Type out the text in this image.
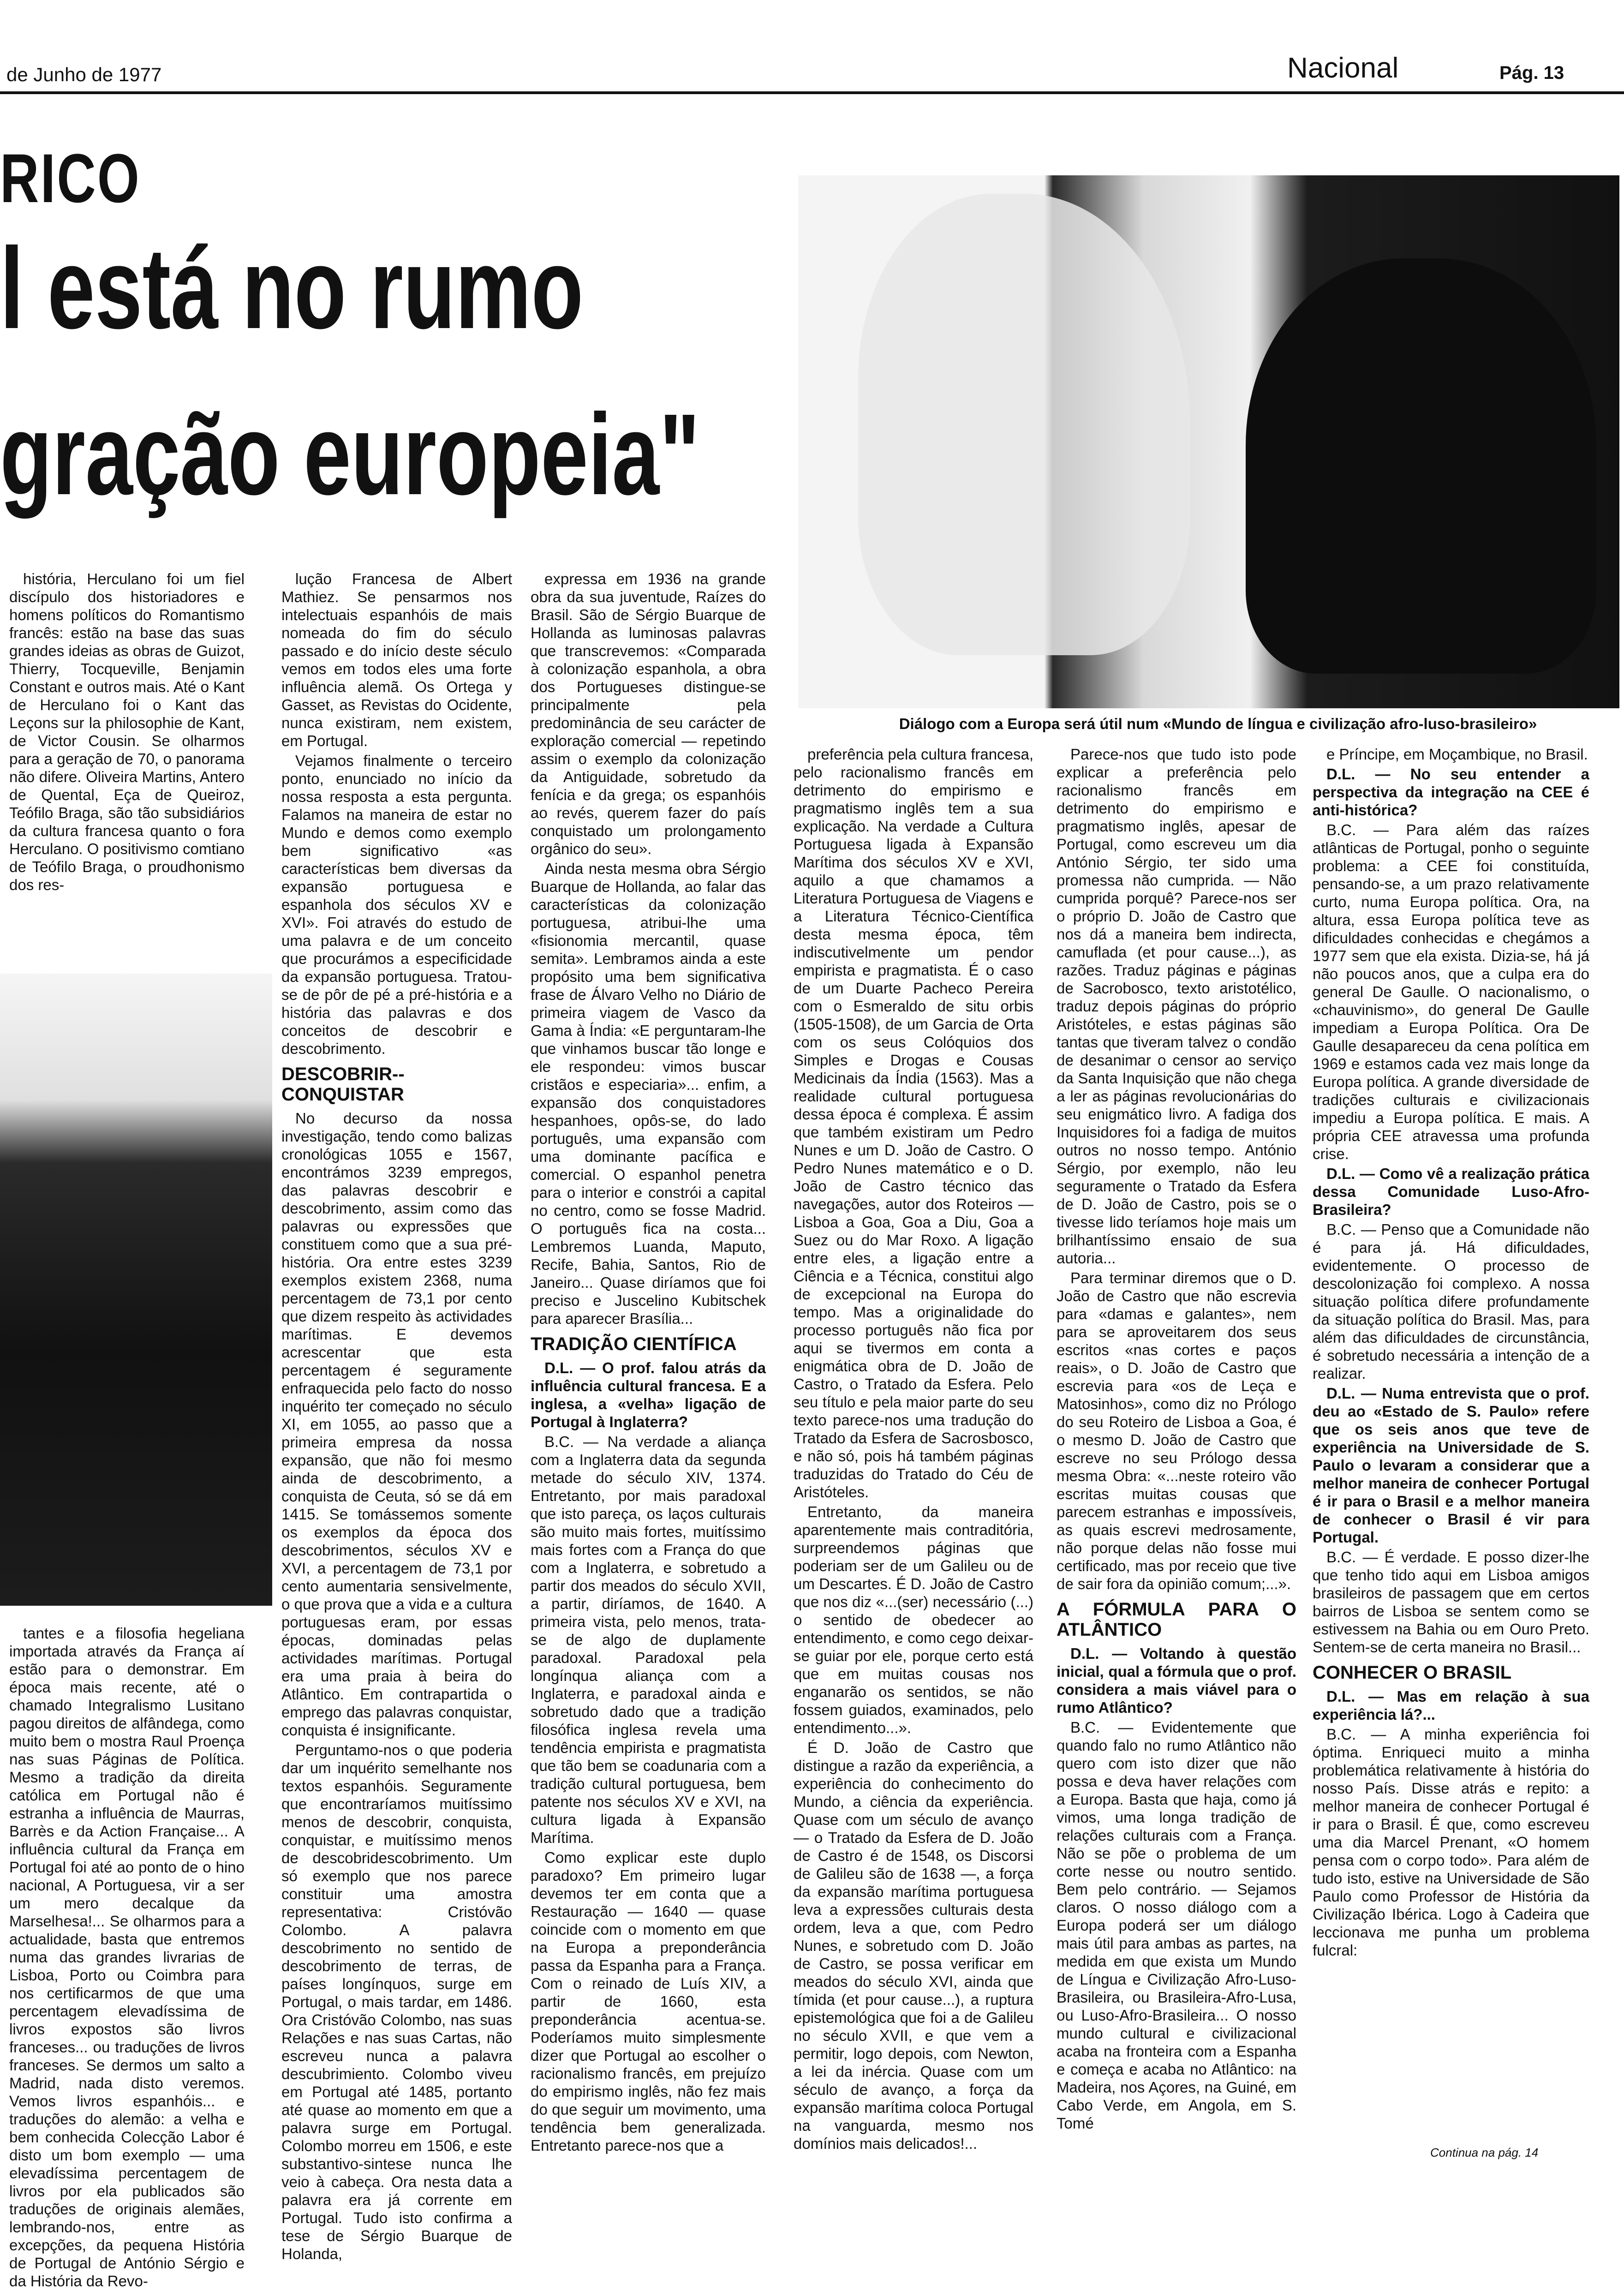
de Junho de 1977	Nacional	Pág. 13
RICO
l está no rumo
gração europeia"
Diálogo com a Europa será útil num «Mundo de língua e civilização afro-luso-brasileiro»

história, Herculano foi um fiel discípulo dos historiadores e homens políticos do Romantismo francês: estão na base das suas grandes ideias as obras de Guizot, Thierry, Tocqueville, Benjamin Constant e outros mais. Até o Kant de Herculano foi o Kant das Leçons sur la philosophie de Kant, de Victor Cousin. Se olharmos para a geração de 70, o panorama não difere. Oliveira Martins, Antero de Quental, Eça de Queiroz, Teófilo Braga, são tão subsidiários da cultura francesa quanto o fora Herculano. O positivismo comtiano de Teófilo Braga, o proudhonismo dos res-

tantes e a filosofia hegeliana importada através da França aí estão para o demonstrar. Em época mais recente, até o chamado Integralismo Lusitano pagou direitos de alfândega, como muito bem o mostra Raul Proença nas suas Páginas de Política. Mesmo a tradição da direita católica em Portugal não é estranha a influência de Maurras, Barrès e da Action Française... A influência cultural da França em Portugal foi até ao ponto de o hino nacional, A Portuguesa, vir a ser um mero decalque da Marselhesa!... Se olharmos para a actualidade, basta que entremos numa das grandes livrarias de Lisboa, Porto ou Coimbra para nos certificarmos de que uma percentagem elevadíssima de livros expostos são livros franceses... ou traduções de livros franceses. Se dermos um salto a Madrid, nada disto veremos. Vemos livros espanhóis... e traduções do alemão: a velha e bem conhecida Colecção Labor é disto um bom exemplo — uma elevadíssima percentagem de livros por ela publicados são traduções de originais alemães, lembrando-nos, entre as excepções, da pequena História de Portugal de António Sérgio e da História da Revo-

lução Francesa de Albert Mathiez. Se pensarmos nos intelectuais espanhóis de mais nomeada do fim do século passado e do início deste século vemos em todos eles uma forte influência alemã. Os Ortega y Gasset, as Revistas do Ocidente, nunca existiram, nem existem, em Portugal.

Vejamos finalmente o terceiro ponto, enunciado no início da nossa resposta a esta pergunta. Falamos na maneira de estar no Mundo e demos como exemplo bem significativo «as características bem diversas da expansão portuguesa e espanhola dos séculos XV e XVI». Foi através do estudo de uma palavra e de um conceito que procurámos a especificidade da expansão portuguesa. Tratou-se de pôr de pé a pré-história e a história das palavras e dos conceitos de descobrir e descobrimento.

DESCOBRIR--CONQUISTAR

No decurso da nossa investigação, tendo como balizas cronológicas 1055 e 1567, encontrámos 3239 empregos, das palavras descobrir e descobrimento, assim como das palavras ou expressões que constituem como que a sua pré-história. Ora entre estes 3239 exemplos existem 2368, numa percentagem de 73,1 por cento que dizem respeito às actividades marítimas. E devemos acrescentar que esta percentagem é seguramente enfraquecida pelo facto do nosso inquérito ter começado no século XI, em 1055, ao passo que a primeira empresa da nossa expansão, que não foi mesmo ainda de descobrimento, a conquista de Ceuta, só se dá em 1415. Se tomássemos somente os exemplos da época dos descobrimentos, séculos XV e XVI, a percentagem de 73,1 por cento aumentaria sensivelmente, o que prova que a vida e a cultura portuguesas eram, por essas épocas, dominadas pelas actividades marítimas. Portugal era uma praia à beira do Atlântico. Em contrapartida o emprego das palavras conquistar, conquista é insignificante.

Perguntamo-nos o que poderia dar um inquérito semelhante nos textos espanhóis. Seguramente que encontraríamos muitíssimo menos de descobrir, conquista, conquistar, e muitíssimo menos de descobridescobrimento. Um só exemplo que nos parece constituir uma amostra representativa: Cristóvão Colombo. A palavra descobrimento no sentido de descobrimento de terras, de países longínquos, surge em Portugal, o mais tardar, em 1486. Ora Cristóvão Colombo, nas suas Relações e nas suas Cartas, não escreveu nunca a palavra descubrimiento. Colombo viveu em Portugal até 1485, portanto até quase ao momento em que a palavra surge em Portugal. Colombo morreu em 1506, e este substantivo-sintese nunca lhe veio à cabeça. Ora nesta data a palavra era já corrente em Portugal. Tudo isto confirma a tese de Sérgio Buarque de Holanda,

expressa em 1936 na grande obra da sua juventude, Raízes do Brasil. São de Sérgio Buarque de Hollanda as luminosas palavras que transcrevemos: «Comparada à colonização espanhola, a obra dos Portugueses distingue-se principalmente pela predominância de seu carácter de exploração comercial — repetindo assim o exemplo da colonização da Antiguidade, sobretudo da fenícia e da grega; os espanhóis ao revés, querem fazer do país conquistado um prolongamento orgânico do seu».

Ainda nesta mesma obra Sérgio Buarque de Hollanda, ao falar das características da colonização portuguesa, atribui-lhe uma «fisionomia mercantil, quase semita». Lembramos ainda a este propósito uma bem significativa frase de Álvaro Velho no Diário de primeira viagem de Vasco da Gama à Índia: «E perguntaram-lhe que vinhamos buscar tão longe e ele respondeu: vimos buscar cristãos e especiaria»... enfim, a expansão dos conquistadores hespanhoes, opôs-se, do lado português, uma expansão com uma dominante pacífica e comercial. O espanhol penetra para o interior e constrói a capital no centro, como se fosse Madrid. O português fica na costa... Lembremos Luanda, Maputo, Recife, Bahia, Santos, Rio de Janeiro... Quase diríamos que foi preciso e Juscelino Kubitschek para aparecer Brasília...

TRADIÇÃO CIENTÍFICA

D.L. — O prof. falou atrás da influência cultural francesa. E a inglesa, a «velha» ligação de Portugal à Inglaterra?

B.C. — Na verdade a aliança com a Inglaterra data da segunda metade do século XIV, 1374. Entretanto, por mais paradoxal que isto pareça, os laços culturais são muito mais fortes, muitíssimo mais fortes com a França do que com a Inglaterra, e sobretudo a partir dos meados do século XVII, a partir, diríamos, de 1640. A primeira vista, pelo menos, trata-se de algo de duplamente paradoxal. Paradoxal pela longínqua aliança com a Inglaterra, e paradoxal ainda e sobretudo dado que a tradição filosófica inglesa revela uma tendência empirista e pragmatista que tão bem se coadunaria com a tradição cultural portuguesa, bem patente nos séculos XV e XVI, na cultura ligada à Expansão Marítima.

Como explicar este duplo paradoxo? Em primeiro lugar devemos ter em conta que a Restauração — 1640 — quase coincide com o momento em que na Europa a preponderância passa da Espanha para a França. Com o reinado de Luís XIV, a partir de 1660, esta preponderância acentua-se. Poderíamos muito simplesmente dizer que Portugal ao escolher o racionalismo francês, em prejuízo do empirismo inglês, não fez mais do que seguir um movimento, uma tendência bem generalizada. Entretanto parece-nos que a

preferência pela cultura francesa, pelo racionalismo francês em detrimento do empirismo e pragmatismo inglês tem a sua explicação. Na verdade a Cultura Portuguesa ligada à Expansão Marítima dos séculos XV e XVI, aquilo a que chamamos a Literatura Portuguesa de Viagens e a Literatura Técnico-Científica desta mesma época, têm indiscutivelmente um pendor empirista e pragmatista. É o caso de um Duarte Pacheco Pereira com o Esmeraldo de situ orbis (1505-1508), de um Garcia de Orta com os seus Colóquios dos Simples e Drogas e Cousas Medicinais da Índia (1563). Mas a realidade cultural portuguesa dessa época é complexa. É assim que também existiram um Pedro Nunes e um D. João de Castro. O Pedro Nunes matemático e o D. João de Castro técnico das navegações, autor dos Roteiros — Lisboa a Goa, Goa a Diu, Goa a Suez ou do Mar Roxo. A ligação entre eles, a ligação entre a Ciência e a Técnica, constitui algo de excepcional na Europa do tempo. Mas a originalidade do processo português não fica por aqui se tivermos em conta a enigmática obra de D. João de Castro, o Tratado da Esfera. Pelo seu título e pela maior parte do seu texto parece-nos uma tradução do Tratado da Esfera de Sacrosbosco, e não só, pois há também páginas traduzidas do Tratado do Céu de Aristóteles.

Entretanto, da maneira aparentemente mais contraditória, surpreendemos páginas que poderiam ser de um Galileu ou de um Descartes. É D. João de Castro que nos diz «...(ser) necessário (...) o sentido de obedecer ao entendimento, e como cego deixar-se guiar por ele, porque certo está que em muitas cousas nos enganarão os sentidos, se não fossem guiados, examinados, pelo entendimento...».

É D. João de Castro que distingue a razão da experiência, a experiência do conhecimento do Mundo, a ciência da experiência. Quase com um século de avanço — o Tratado da Esfera de D. João de Castro é de 1548, os Discorsi de Galileu são de 1638 —, a força da expansão marítima portuguesa leva a expressões culturais desta ordem, leva a que, com Pedro Nunes, e sobretudo com D. João de Castro, se possa verificar em meados do século XVI, ainda que tímida (et pour cause...), a ruptura epistemológica que foi a de Galileu no século XVII, e que vem a permitir, logo depois, com Newton, a lei da inércia. Quase com um século de avanço, a força da expansão marítima coloca Portugal na vanguarda, mesmo nos domínios mais delicados!...

Parece-nos que tudo isto pode explicar a preferência pelo racionalismo francês em detrimento do empirismo e pragmatismo inglês, apesar de Portugal, como escreveu um dia António Sérgio, ter sido uma promessa não cumprida. — Não cumprida porquê? Parece-nos ser o próprio D. João de Castro que nos dá a maneira bem indirecta, camuflada (et pour cause...), as razões. Traduz páginas e páginas de Sacrobosco, texto aristotélico, traduz depois páginas do próprio Aristóteles, e estas páginas são tantas que tiveram talvez o condão de desanimar o censor ao serviço da Santa Inquisição que não chega a ler as páginas revolucionárias do seu enigmático livro. A fadiga dos Inquisidores foi a fadiga de muitos outros no nosso tempo. António Sérgio, por exemplo, não leu seguramente o Tratado da Esfera de D. João de Castro, pois se o tivesse lido teríamos hoje mais um brilhantíssimo ensaio de sua autoria...

Para terminar diremos que o D. João de Castro que não escrevia para «damas e galantes», nem para se aproveitarem dos seus escritos «nas cortes e paços reais», o D. João de Castro que escrevia para «os de Leça e Matosinhos», como diz no Prólogo do seu Roteiro de Lisboa a Goa, é o mesmo D. João de Castro que escreve no seu Prólogo dessa mesma Obra: «...neste roteiro vão escritas muitas cousas que parecem estranhas e impossíveis, as quais escrevi medrosamente, não porque delas não fosse mui certificado, mas por receio que tive de sair fora da opinião comum;...».

A FÓRMULA PARA O ATLÂNTICO

D.L. — Voltando à questão inicial, qual a fórmula que o prof. considera a mais viável para o rumo Atlântico?

B.C. — Evidentemente que quando falo no rumo Atlântico não quero com isto dizer que não possa e deva haver relações com a Europa. Basta que haja, como já vimos, uma longa tradição de relações culturais com a França. Não se põe o problema de um corte nesse ou noutro sentido. Bem pelo contrário. — Sejamos claros. O nosso diálogo com a Europa poderá ser um diálogo mais útil para ambas as partes, na medida em que exista um Mundo de Língua e Civilização Afro-Luso-Brasileira, ou Brasileira-Afro-Lusa, ou Luso-Afro-Brasileira... O nosso mundo cultural e civilizacional acaba na fronteira com a Espanha e começa e acaba no Atlântico: na Madeira, nos Açores, na Guiné, em Cabo Verde, em Angola, em S. Tomé

e Príncipe, em Moçambique, no Brasil.

D.L. — No seu entender a perspectiva da integração na CEE é anti-histórica?

B.C. — Para além das raízes atlânticas de Portugal, ponho o seguinte problema: a CEE foi constituída, pensando-se, a um prazo relativamente curto, numa Europa política. Ora, na altura, essa Europa política teve as dificuldades conhecidas e chegámos a 1977 sem que ela exista. Dizia-se, há já não poucos anos, que a culpa era do general De Gaulle. O nacionalismo, o «chauvinismo», do general De Gaulle impediam a Europa Política. Ora De Gaulle desapareceu da cena política em 1969 e estamos cada vez mais longe da Europa política. A grande diversidade de tradições culturais e civilizacionais impediu a Europa política. E mais. A própria CEE atravessa uma profunda crise.

D.L. — Como vê a realização prática dessa Comunidade Luso-Afro-Brasileira?

B.C. — Penso que a Comunidade não é para já. Há dificuldades, evidentemente. O processo de descolonização foi complexo. A nossa situação política difere profundamente da situação política do Brasil. Mas, para além das dificuldades de circunstância, é sobretudo necessária a intenção de a realizar.

D.L. — Numa entrevista que o prof. deu ao «Estado de S. Paulo» refere que os seis anos que teve de experiência na Universidade de S. Paulo o levaram a considerar que a melhor maneira de conhecer Portugal é ir para o Brasil e a melhor maneira de conhecer o Brasil é vir para Portugal.

B.C. — É verdade. E posso dizer-lhe que tenho tido aqui em Lisboa amigos brasileiros de passagem que em certos bairros de Lisboa se sentem como se estivessem na Bahia ou em Ouro Preto. Sentem-se de certa maneira no Brasil...

CONHECER O BRASIL

D.L. — Mas em relação à sua experiência lá?...

B.C. — A minha experiência foi óptima. Enriqueci muito a minha problemática relativamente à história do nosso País. Disse atrás e repito: a melhor maneira de conhecer Portugal é ir para o Brasil. É que, como escreveu uma dia Marcel Prenant, «O homem pensa com o corpo todo». Para além de tudo isto, estive na Universidade de São Paulo como Professor de História da Civilização Ibérica. Logo à Cadeira que leccionava me punha um problema fulcral:

Continua na pág. 14
